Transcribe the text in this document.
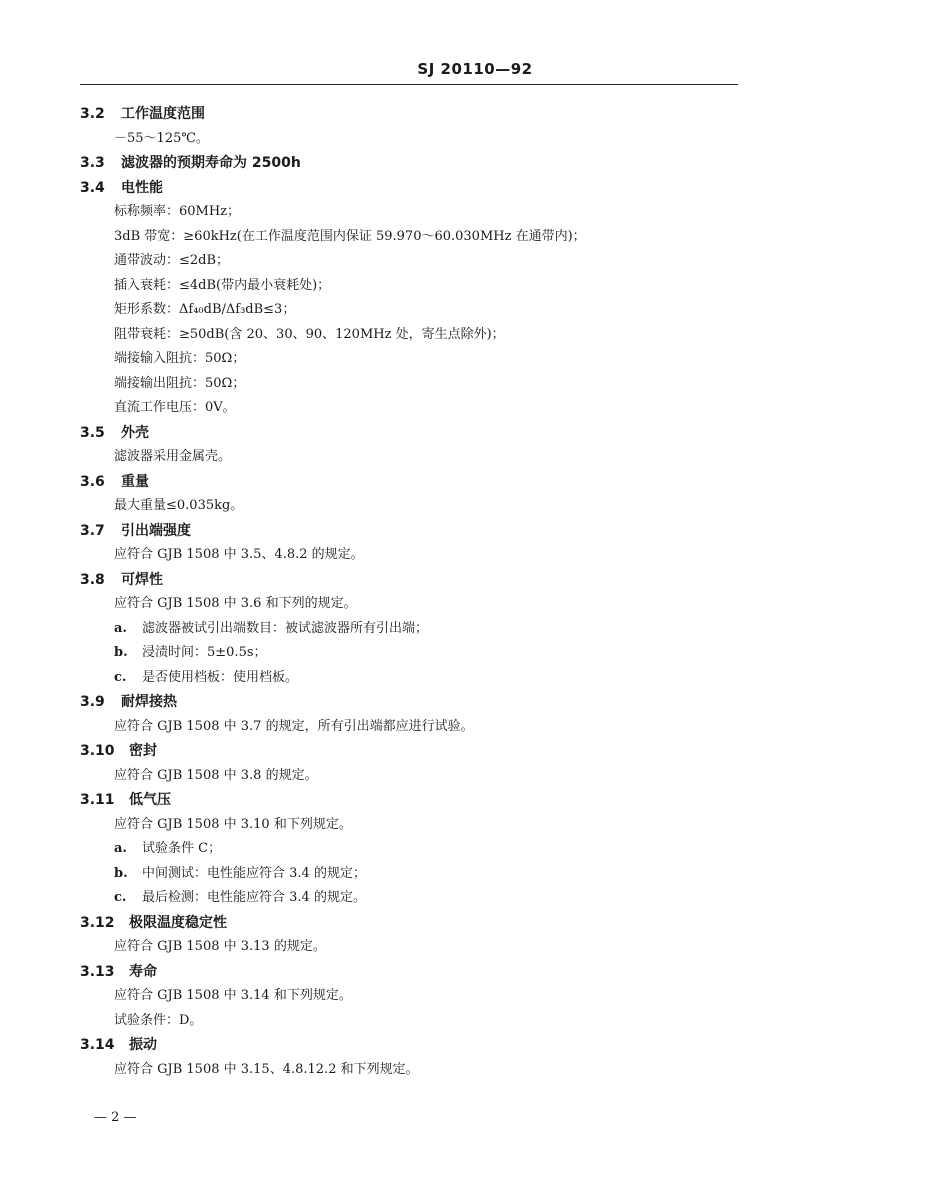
SJ 20110—92
3.2 工作温度范围
－55～125℃。
3.3 滤波器的预期寿命为 2500h
3.4 电性能
标称频率：60MHz；
3dB 带宽：≥60kHz(在工作温度范围内保证 59.970～60.030MHz 在通带内)；
通带波动：≤2dB；
插入衰耗：≤4dB(带内最小衰耗处)；
矩形系数：Δf₄₀dB/Δf₃dB≤3；
阻带衰耗：≥50dB(含 20、30、90、120MHz 处，寄生点除外)；
端接输入阻抗：50Ω；
端接输出阻抗：50Ω；
直流工作电压：0V。
3.5 外壳
滤波器采用金属壳。
3.6 重量
最大重量≤0.035kg。
3.7 引出端强度
应符合 GJB 1508 中 3.5、4.8.2 的规定。
3.8 可焊性
应符合 GJB 1508 中 3.6 和下列的规定。
a. 滤波器被试引出端数目：被试滤波器所有引出端；
b. 浸渍时间：5±0.5s；
c. 是否使用档板：使用档板。
3.9 耐焊接热
应符合 GJB 1508 中 3.7 的规定，所有引出端都应进行试验。
3.10 密封
应符合 GJB 1508 中 3.8 的规定。
3.11 低气压
应符合 GJB 1508 中 3.10 和下列规定。
a. 试验条件 C；
b. 中间测试：电性能应符合 3.4 的规定；
c. 最后检测：电性能应符合 3.4 的规定。
3.12 极限温度稳定性
应符合 GJB 1508 中 3.13 的规定。
3.13 寿命
应符合 GJB 1508 中 3.14 和下列规定。
试验条件：D。
3.14 振动
应符合 GJB 1508 中 3.15、4.8.12.2 和下列规定。
— 2 —
